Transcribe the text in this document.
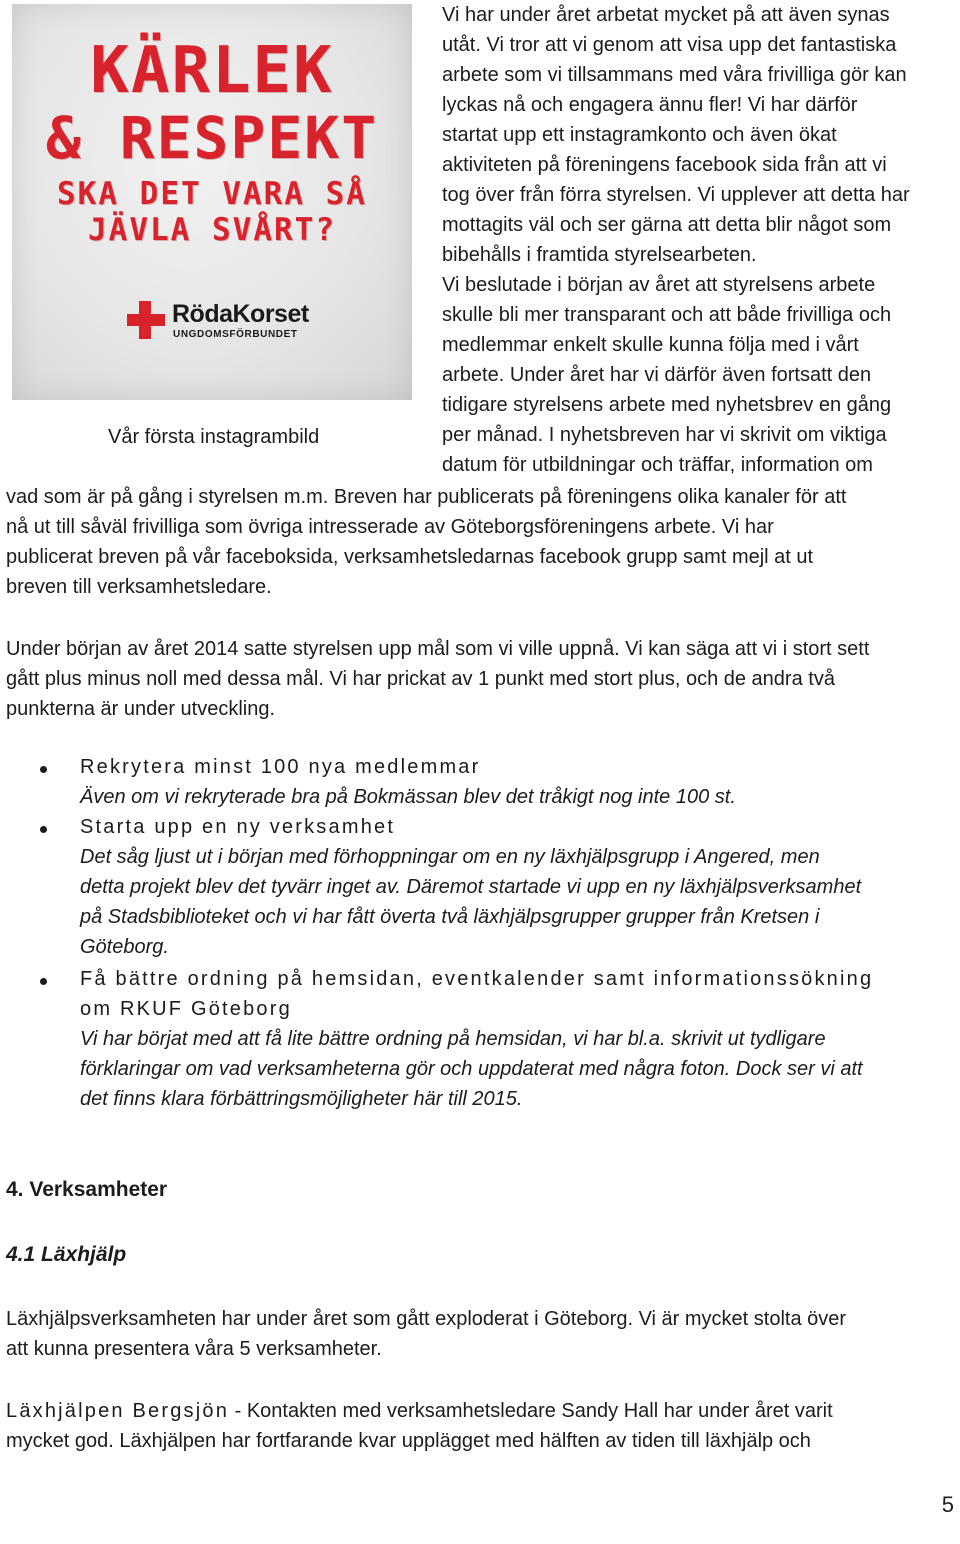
KÄRLEK
& RESPEKT
SKA DET VARA SÅ
JÄVLA SVÅRT?
RödaKorset
UNGDOMSFÖRBUNDET
Vår första instagrambild
Vi har under året arbetat mycket på att även synas
utåt. Vi tror att vi genom att visa upp det fantastiska
arbete som vi tillsammans med våra frivilliga gör kan
lyckas nå och engagera ännu fler! Vi har därför
startat upp ett instagramkonto och även ökat
aktiviteten på föreningens facebook sida från att vi
tog över från förra styrelsen. Vi upplever att detta har
mottagits väl och ser gärna att detta blir något som
bibehålls i framtida styrelsearbeten.
Vi beslutade i början av året att styrelsens arbete
skulle bli mer transparant och att både frivilliga och
medlemmar enkelt skulle kunna följa med i vårt
arbete. Under året har vi därför även fortsatt den
tidigare styrelsens arbete med nyhetsbrev en gång
per månad. I nyhetsbreven har vi skrivit om viktiga
datum för utbildningar och träffar, information om
vad som är på gång i styrelsen m.m. Breven har publicerats på föreningens olika kanaler för att
nå ut till såväl frivilliga som övriga intresserade av Göteborgsföreningens arbete. Vi har
publicerat breven på vår faceboksida, verksamhetsledarnas facebook grupp samt mejl at ut
breven till verksamhetsledare.
Under början av året 2014 satte styrelsen upp mål som vi ville uppnå. Vi kan säga att vi i stort sett
gått plus minus noll med dessa mål. Vi har prickat av 1 punkt med stort plus, och de andra två
punkterna är under utveckling.
Rekrytera minst 100 nya medlemmar
Även om vi rekryterade bra på Bokmässan blev det tråkigt nog inte 100 st.
Starta upp en ny verksamhet
Det såg ljust ut i början med förhoppningar om en ny läxhjälpsgrupp i Angered, men
detta projekt blev det tyvärr inget av. Däremot startade vi upp en ny läxhjälpsverksamhet
på Stadsbiblioteket och vi har fått överta två läxhjälpsgrupper grupper från Kretsen i
Göteborg.
Få bättre ordning på hemsidan, eventkalender samt informationssökning
om RKUF Göteborg
Vi har börjat med att få lite bättre ordning på hemsidan, vi har bl.a. skrivit ut tydligare
förklaringar om vad verksamheterna gör och uppdaterat med några foton. Dock ser vi att
det finns klara förbättringsmöjligheter här till 2015.
4. Verksamheter
4.1 Läxhjälp
Läxhjälpsverksamheten har under året som gått exploderat i Göteborg. Vi är mycket stolta över
att kunna presentera våra 5 verksamheter.
Läxhjälpen Bergsjön - Kontakten med verksamhetsledare Sandy Hall har under året varit
mycket god. Läxhjälpen har fortfarande kvar upplägget med hälften av tiden till läxhjälp och
5
